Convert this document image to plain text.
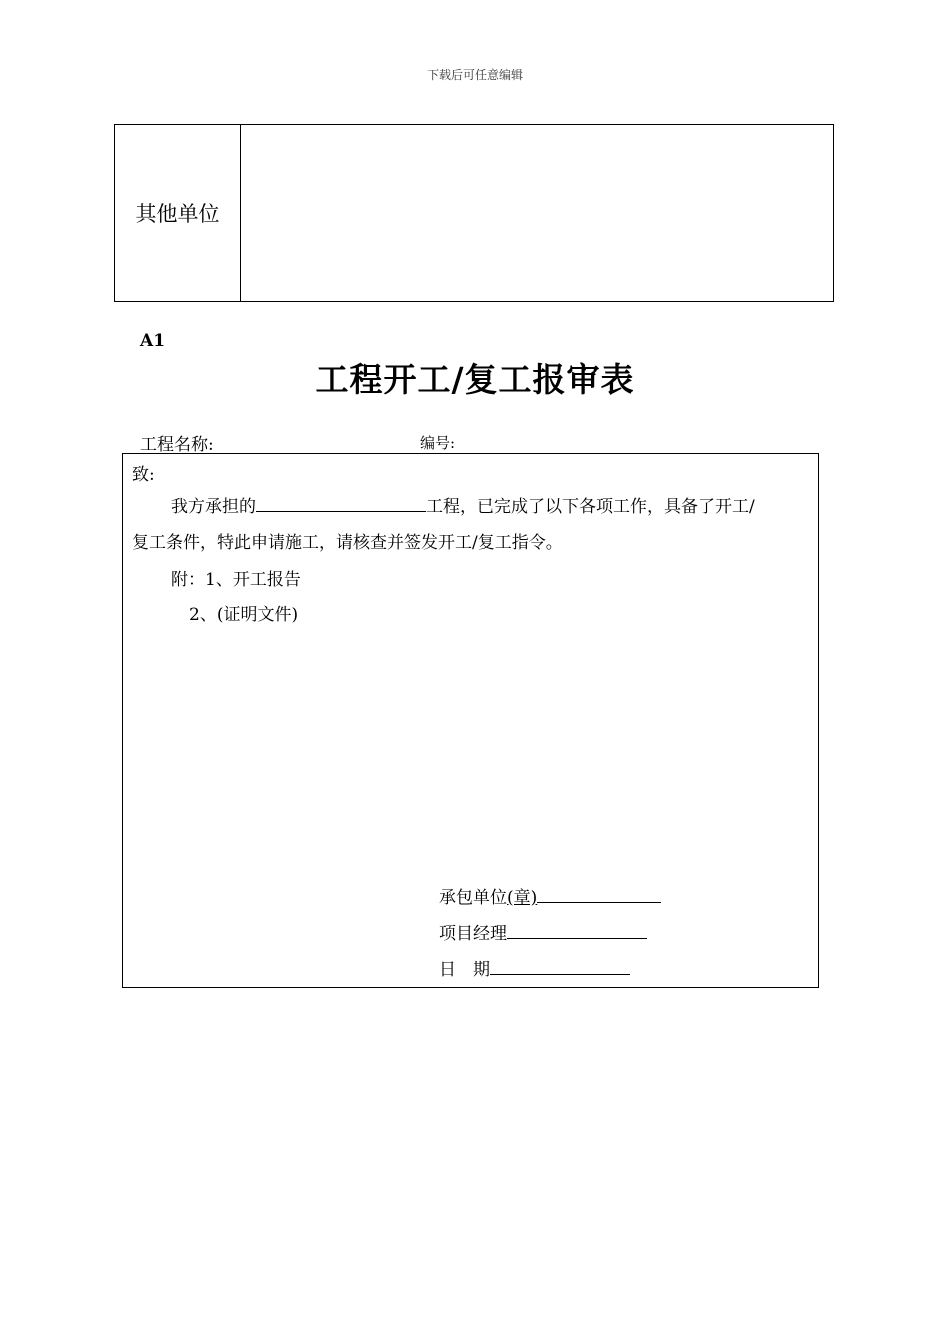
下载后可任意编辑
其他单位
A1
工程开工/复工报审表
工程名称:	编号:
致:
我方承担的	工程，已完成了以下各项工作，具备了开工/
复工条件，特此申请施工，请核查并签发开工/复工指令。
附：1、开工报告
2、(证明文件)
承包单位(章)
项目经理
日　期
